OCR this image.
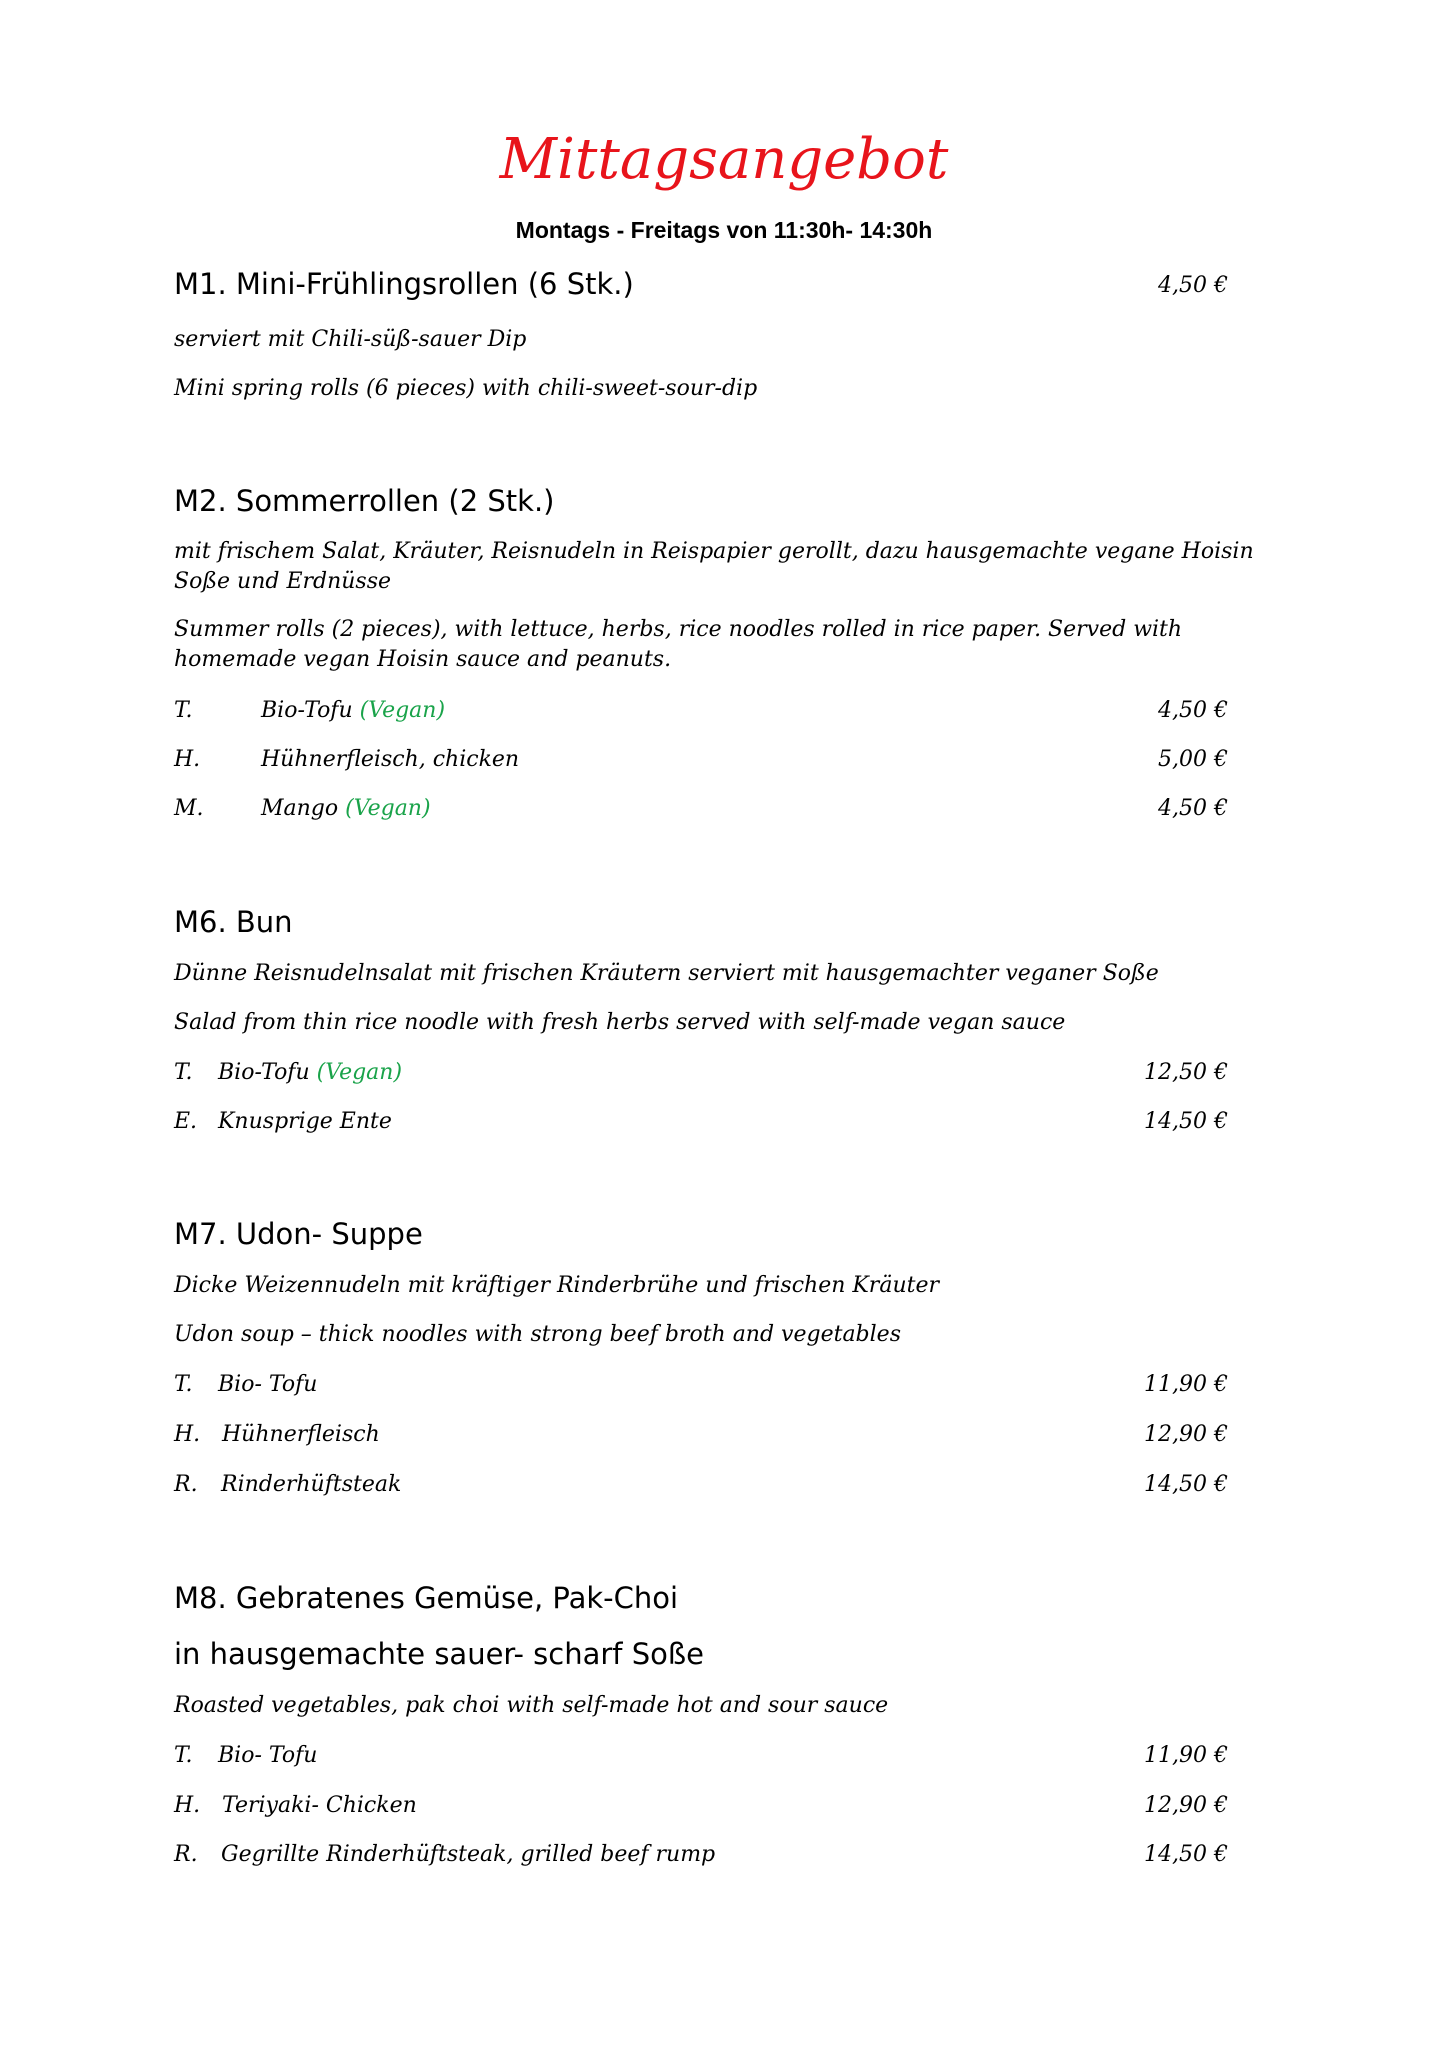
Mittagsangebot
Montags - Freitags von 11:30h- 14:30h
M1. Mini-Frühlingsrollen (6 Stk.)	4,50 €
serviert mit Chili-süß-sauer Dip
Mini spring rolls (6 pieces) with chili-sweet-sour-dip
M2. Sommerrollen (2 Stk.)
mit frischem Salat, Kräuter, Reisnudeln in Reispapier gerollt, dazu hausgemachte vegane Hoisin Soße und Erdnüsse
Summer rolls (2 pieces), with lettuce, herbs, rice noodles rolled in rice paper. Served with homemade vegan Hoisin sauce and peanuts.
T.	Bio-Tofu (Vegan)	4,50 €
H.	Hühnerfleisch, chicken	5,00 €
M.	Mango (Vegan)	4,50 €
M6. Bun
Dünne Reisnudelnsalat mit frischen Kräutern serviert mit hausgemachter veganer Soße
Salad from thin rice noodle with fresh herbs served with self-made vegan sauce
T. Bio-Tofu (Vegan)	12,50 €
E. Knusprige Ente	14,50 €
M7. Udon- Suppe
Dicke Weizennudeln mit kräftiger Rinderbrühe und frischen Kräuter
Udon soup – thick noodles with strong beef broth and vegetables
T. Bio- Tofu	11,90 €
H. Hühnerfleisch	12,90 €
R. Rinderhüftsteak	14,50 €
M8. Gebratenes Gemüse, Pak-Choi
in hausgemachte sauer- scharf Soße
Roasted vegetables, pak choi with self-made hot and sour sauce
T. Bio- Tofu	11,90 €
H. Teriyaki- Chicken	12,90 €
R. Gegrillte Rinderhüftsteak, grilled beef rump	14,50 €
